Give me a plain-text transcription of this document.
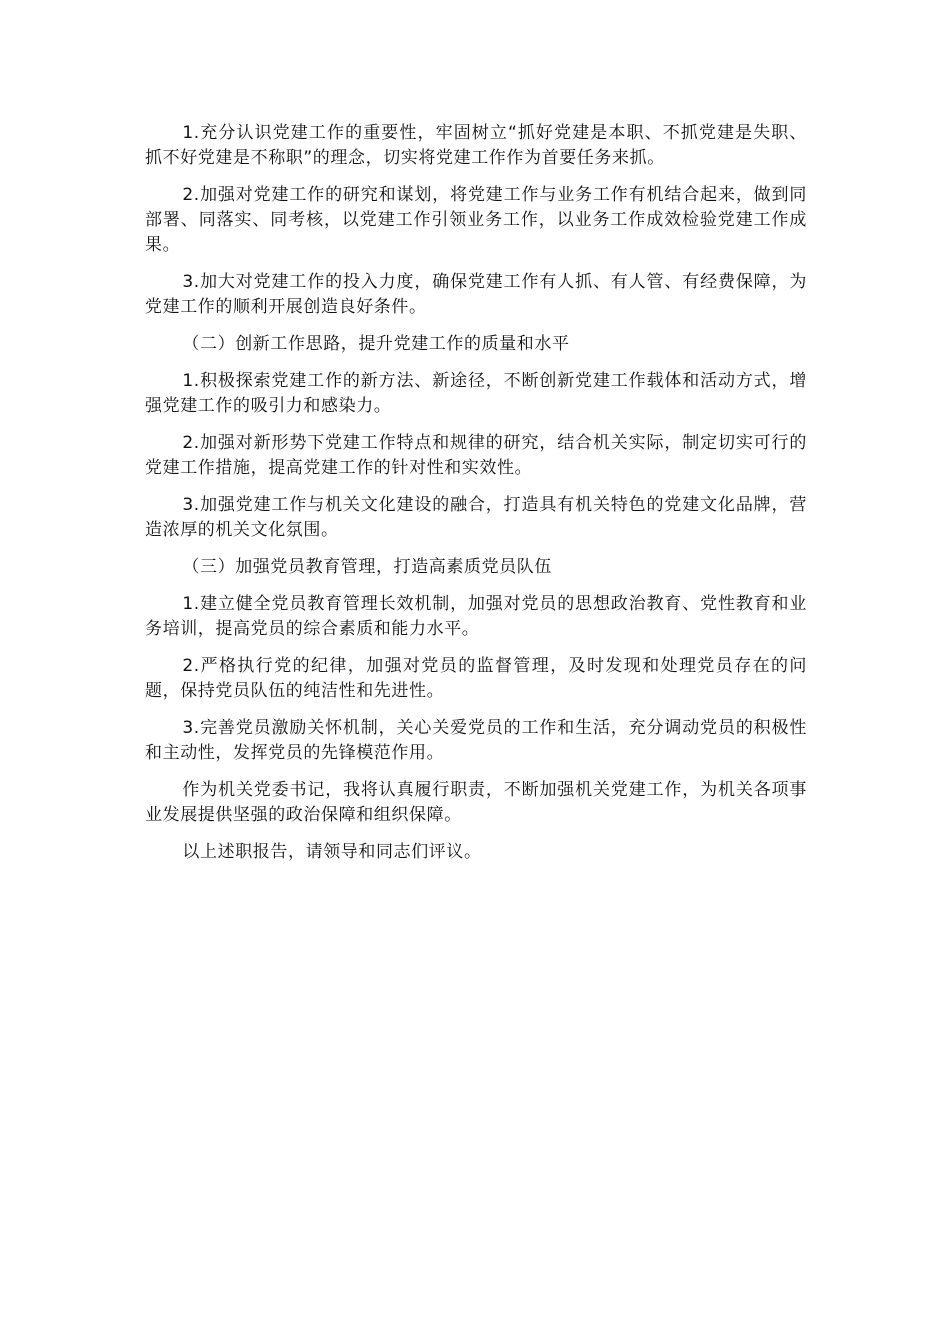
1.充分认识党建工作的重要性，牢固树立“抓好党建是本职、不抓党建是失职、抓不好党建是不称职”的理念，切实将党建工作作为首要任务来抓。

2.加强对党建工作的研究和谋划，将党建工作与业务工作有机结合起来，做到同部署、同落实、同考核，以党建工作引领业务工作，以业务工作成效检验党建工作成果。

3.加大对党建工作的投入力度，确保党建工作有人抓、有人管、有经费保障，为党建工作的顺利开展创造良好条件。

（二）创新工作思路，提升党建工作的质量和水平

1.积极探索党建工作的新方法、新途径，不断创新党建工作载体和活动方式，增强党建工作的吸引力和感染力。

2.加强对新形势下党建工作特点和规律的研究，结合机关实际，制定切实可行的党建工作措施，提高党建工作的针对性和实效性。

3.加强党建工作与机关文化建设的融合，打造具有机关特色的党建文化品牌，营造浓厚的机关文化氛围。

（三）加强党员教育管理，打造高素质党员队伍

1.建立健全党员教育管理长效机制，加强对党员的思想政治教育、党性教育和业务培训，提高党员的综合素质和能力水平。

2.严格执行党的纪律，加强对党员的监督管理，及时发现和处理党员存在的问题，保持党员队伍的纯洁性和先进性。

3.完善党员激励关怀机制，关心关爱党员的工作和生活，充分调动党员的积极性和主动性，发挥党员的先锋模范作用。

作为机关党委书记，我将认真履行职责，不断加强机关党建工作，为机关各项事业发展提供坚强的政治保障和组织保障。

以上述职报告，请领导和同志们评议。
